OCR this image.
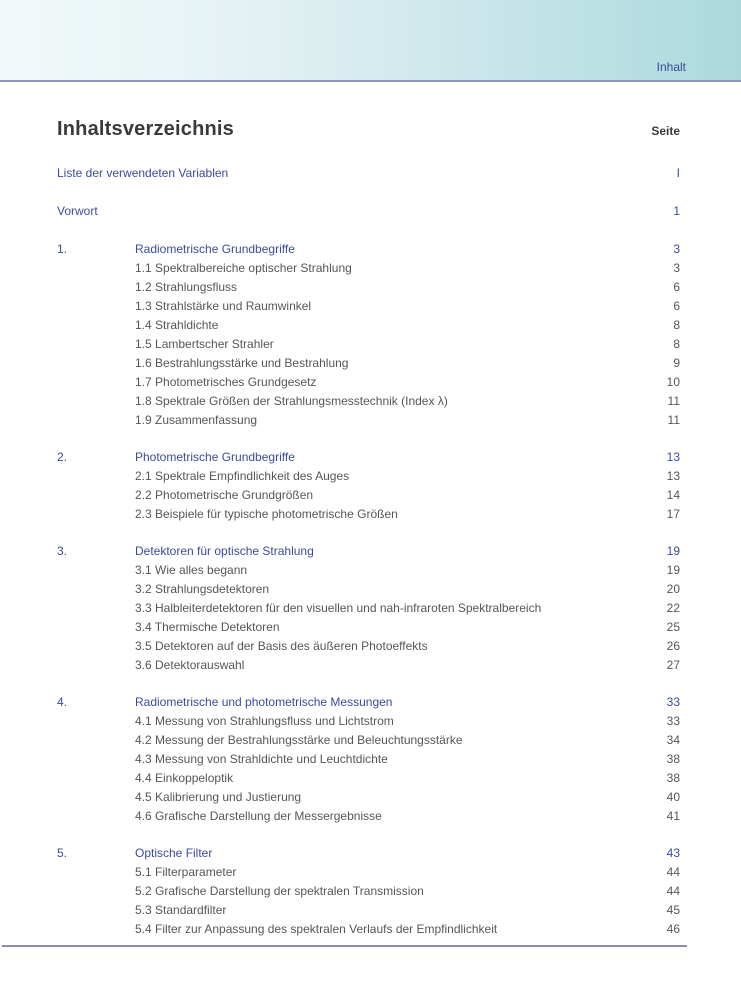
Inhalt
Inhaltsverzeichnis	Seite
Liste der verwendeten Variablen	I
Vorwort	1
1.	Radiometrische Grundbegriffe	3
1.1 Spektralbereiche optischer Strahlung	3
1.2 Strahlungsfluss	6
1.3 Strahlstärke und Raumwinkel	6
1.4 Strahldichte	8
1.5 Lambertscher Strahler	8
1.6 Bestrahlungsstärke und Bestrahlung	9
1.7 Photometrisches Grundgesetz	10
1.8 Spektrale Größen der Strahlungsmesstechnik (Index λ)	11
1.9 Zusammenfassung	11
2.	Photometrische Grundbegriffe	13
2.1 Spektrale Empfindlichkeit des Auges	13
2.2 Photometrische Grundgrößen	14
2.3 Beispiele für typische photometrische Größen	17
3.	Detektoren für optische Strahlung	19
3.1 Wie alles begann	19
3.2 Strahlungsdetektoren	20
3.3 Halbleiterdetektoren für den visuellen und nah-infraroten Spektralbereich	22
3.4 Thermische Detektoren	25
3.5 Detektoren auf der Basis des äußeren Photoeffekts	26
3.6 Detektorauswahl	27
4.	Radiometrische und photometrische Messungen	33
4.1 Messung von Strahlungsfluss und Lichtstrom	33
4.2 Messung der Bestrahlungsstärke und Beleuchtungsstärke	34
4.3 Messung von Strahldichte und Leuchtdichte	38
4.4 Einkoppeloptik	38
4.5 Kalibrierung und Justierung	40
4.6 Grafische Darstellung der Messergebnisse	41
5.	Optische Filter	43
5.1 Filterparameter	44
5.2 Grafische Darstellung der spektralen Transmission	44
5.3 Standardfilter	45
5.4 Filter zur Anpassung des spektralen Verlaufs der Empfindlichkeit	46
